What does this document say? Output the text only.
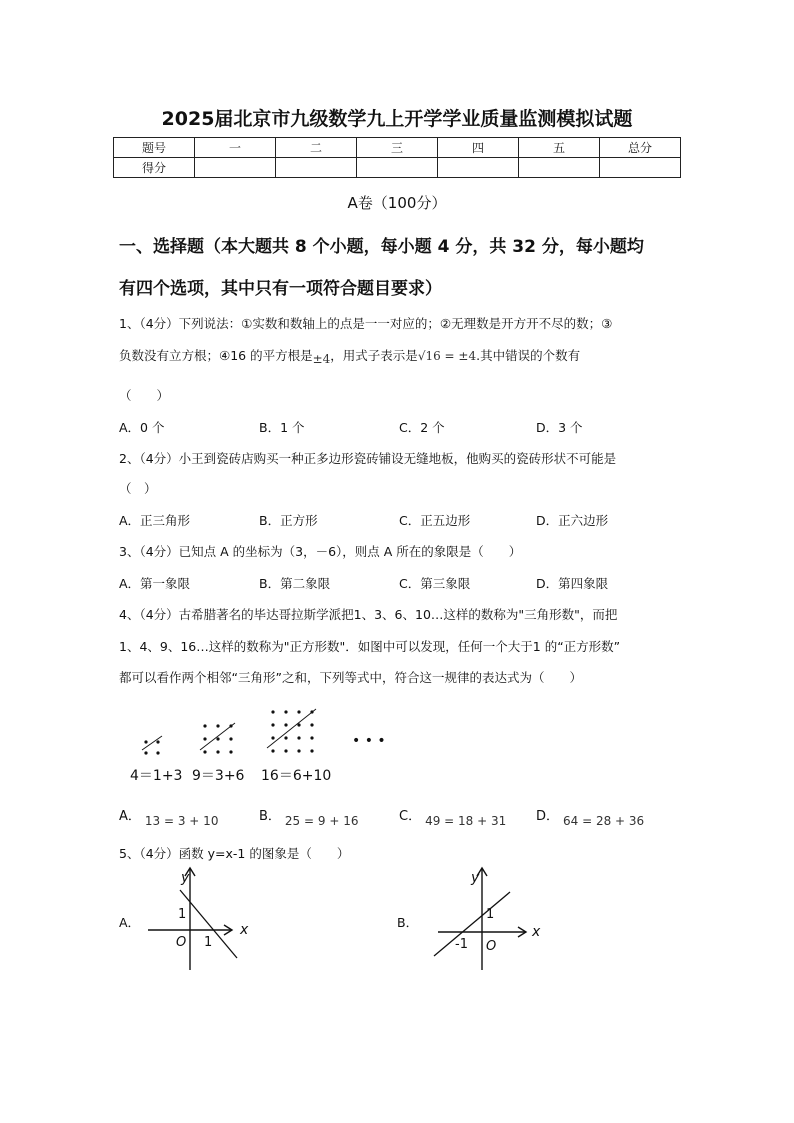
2025届北京市九级数学九上开学学业质量监测模拟试题
题号	一	二	三	四	五	总分
得分						
A卷（100分）
一、选择题（本大题共 8 个小题，每小题 4 分，共 32 分，每小题均
有四个选项，其中只有一项符合题目要求）
1、（4分）下列说法：①实数和数轴上的点是一一对应的；②无理数是开方开不尽的数；③
负数没有立方根；④16 的平方根是±4，用式子表示是√16 = ±4.其中错误的个数有
（　　）
A．0 个	B．1 个	C．2 个	D．3 个
2、（4分）小王到瓷砖店购买一种正多边形瓷砖铺设无缝地板，他购买的瓷砖形状不可能是
（　）
A．正三角形	B．正方形	C．正五边形	D．正六边形
3、（4分）已知点 A 的坐标为（3，－6），则点 A 所在的象限是（　　）
A．第一象限	B．第二象限	C．第三象限	D．第四象限
4、（4分）古希腊著名的毕达哥拉斯学派把1、3、6、10…这样的数称为"三角形数"，而把
1、4、9、16…这样的数称为"正方形数"．如图中可以发现，任何一个大于1 的“正方形数”
都可以看作两个相邻“三角形”之和，下列等式中，符合这一规律的表达式为（　　）
• • •
4＝1+3 9＝3+6 16＝6+10
A． $_{13 = 3 + 10}$	B． $_{25 = 9 + 16}$	C． $_{49 = 18 + 31}$ D． $_{64 = 28 + 36}$
5、（4分）函数 y=x-1 的图象是（　　）
A．
y
x
O
1
1
B．
y
x
O
1
-1
